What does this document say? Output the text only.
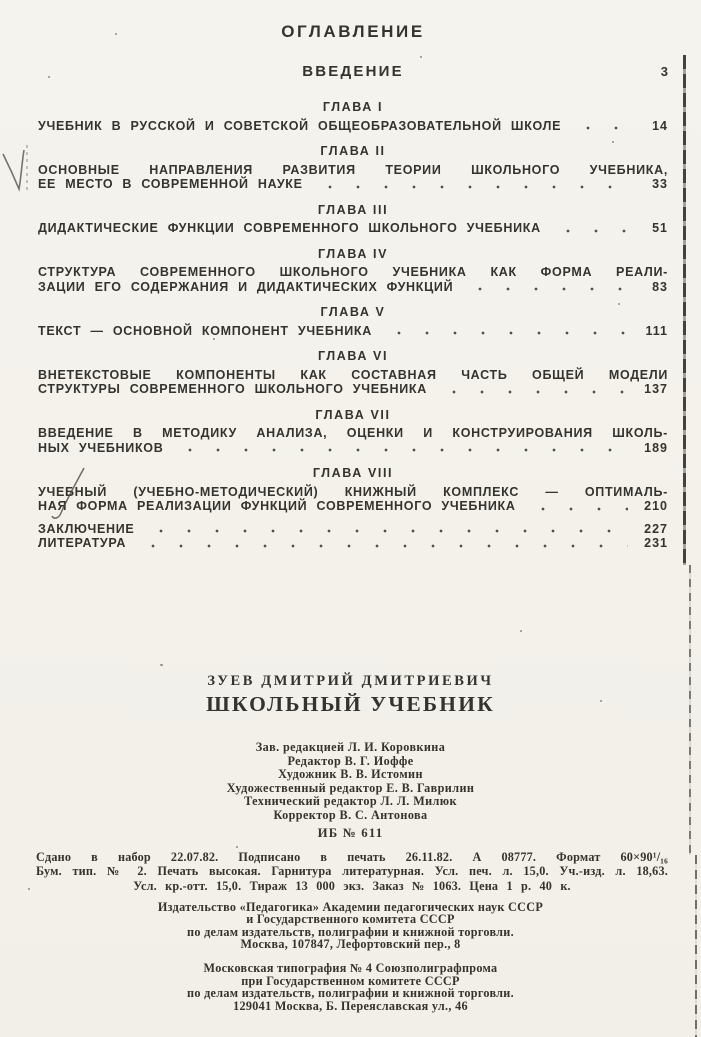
ОГЛАВЛЕНИЕ
ВВЕДЕНИЕ	3
ГЛАВА I
УЧЕБНИК В РУССКОЙ И СОВЕТСКОЙ ОБЩЕОБРАЗОВАТЕЛЬНОЙ ШКОЛЕ	14
ГЛАВА II
ОСНОВНЫЕ НАПРАВЛЕНИЯ РАЗВИТИЯ ТЕОРИИ ШКОЛЬНОГО УЧЕБНИКА,
ЕЕ МЕСТО В СОВРЕМЕННОЙ НАУКЕ	33
ГЛАВА III
ДИДАКТИЧЕСКИЕ ФУНКЦИИ СОВРЕМЕННОГО ШКОЛЬНОГО УЧЕБНИКА	51
ГЛАВА IV
СТРУКТУРА СОВРЕМЕННОГО ШКОЛЬНОГО УЧЕБНИКА КАК ФОРМА РЕАЛИ-
ЗАЦИИ ЕГО СОДЕРЖАНИЯ И ДИДАКТИЧЕСКИХ ФУНКЦИЙ	83
ГЛАВА V
ТЕКСТ — ОСНОВНОЙ КОМПОНЕНТ УЧЕБНИКА	111
ГЛАВА VI
ВНЕТЕКСТОВЫЕ КОМПОНЕНТЫ КАК СОСТАВНАЯ ЧАСТЬ ОБЩЕЙ МОДЕЛИ
СТРУКТУРЫ СОВРЕМЕННОГО ШКОЛЬНОГО УЧЕБНИКА	137
ГЛАВА VII
ВВЕДЕНИЕ В МЕТОДИКУ АНАЛИЗА, ОЦЕНКИ И КОНСТРУИРОВАНИЯ ШКОЛЬ-
НЫХ УЧЕБНИКОВ	189
ГЛАВА VIII
УЧЕБНЫЙ (УЧЕБНО-МЕТОДИЧЕСКИЙ) КНИЖНЫЙ КОМПЛЕКС — ОПТИМАЛЬ-
НАЯ ФОРМА РЕАЛИЗАЦИИ ФУНКЦИЙ СОВРЕМЕННОГО УЧЕБНИКА	210
ЗАКЛЮЧЕНИЕ	227
ЛИТЕРАТУРА	231
ЗУЕВ ДМИТРИЙ ДМИТРИЕВИЧ
ШКОЛЬНЫЙ УЧЕБНИК
Зав. редакцией Л. И. Коровкина
Редактор В. Г. Иоффе
Художник В. В. Истомин
Художественный редактор Е. В. Гаврилин
Технический редактор Л. Л. Милюк
Корректор В. С. Антонова
ИБ № 611
Сдано в набор 22.07.82. Подписано в печать 26.11.82. А 08777. Формат 60×90¹/₁₆
Бум. тип. № 2. Печать высокая. Гарнитура литературная. Усл. печ. л. 15,0. Уч.-изд. л. 18,63.
Усл. кр.-отт. 15,0. Тираж 13 000 экз. Заказ № 1063. Цена 1 р. 40 к.
Издательство «Педагогика» Академии педагогических наук СССР
и Государственного комитета СССР
по делам издательств, полиграфии и книжной торговли.
Москва, 107847, Лефортовский пер., 8
Московская типография № 4 Союзполиграфпрома
при Государственном комитете СССР
по делам издательств, полиграфии и книжной торговли.
129041 Москва, Б. Переяславская ул., 46
